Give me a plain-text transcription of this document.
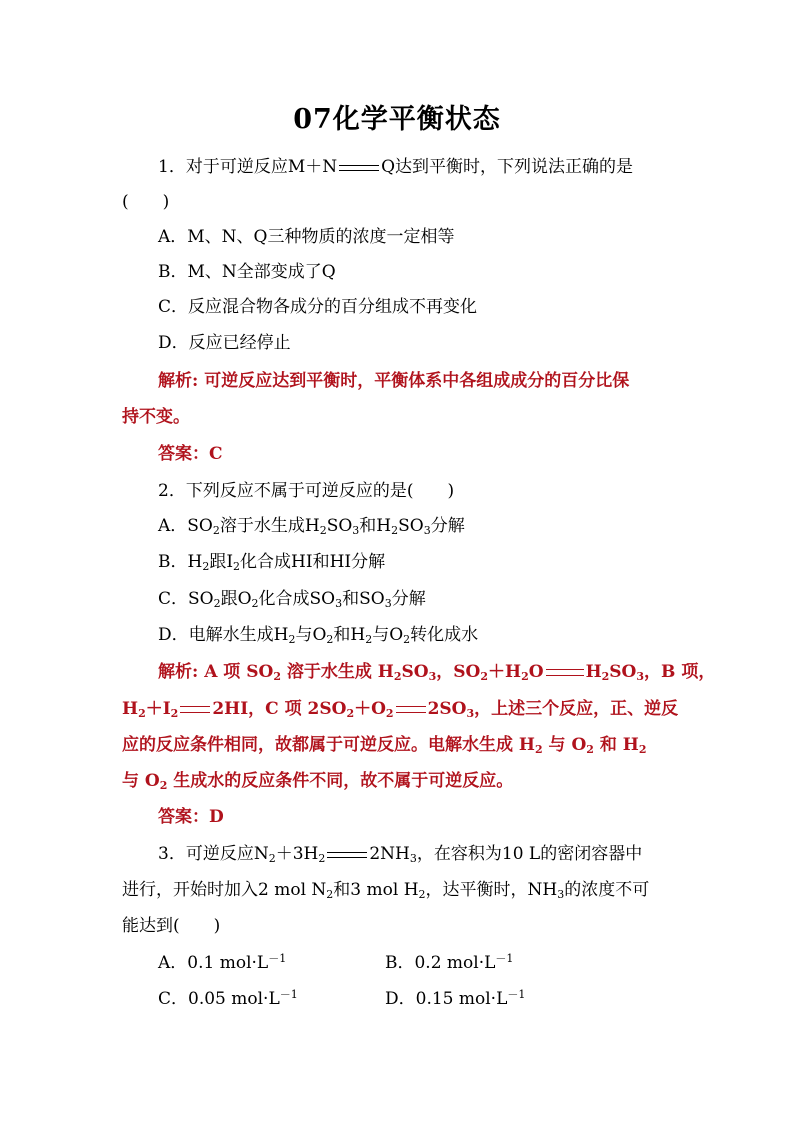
07化学平衡状态
1．对于可逆反应M＋N	Q达到平衡时，下列说法正确的是
(　　)
A．M、N、Q三种物质的浓度一定相等
B．M、N全部变成了Q
C．反应混合物各成分的百分组成不再变化
D．反应已经停止
解析: 可逆反应达到平衡时，平衡体系中各组成成分的百分比保
持不变。
答案：C
2．下列反应不属于可逆反应的是(　　)
A．$SO_2$溶于水生成$H_2SO_3$和$H_2SO_3$分解
B．$H_2$跟$I_2$化合成HI和HI分解
C．$SO_2$跟$O_2$化合成$SO_3$和$SO_3$分解
D．电解水生成$H_2$与$O_2$和$H_2$与$O_2$转化成水
解析: A 项 $SO_2$ 溶于水生成 $H_2SO_3$，$SO_2+H_2O$ $H_2SO_3$，B 项，
$H_2+I_2$ 2HI，C 项 $2SO_2+O_2$ $2SO_3$，上述三个反应，正、逆反
应的反应条件相同，故都属于可逆反应。电解水生成 $H_2$ 与 $O_2$ 和 $H_2$
与 $O_2$ 生成水的反应条件不同，故不属于可逆反应。
答案：D
3．可逆反应$N_2+3H_2$	$2NH_3$，在容积为10 L的密闭容器中
进行，开始时加入2 mol $N_2$和3 mol $H_2$，达平衡时，$NH_3$的浓度不可
能达到(　　)
A．0.1 $mol\cdot L^{-1}$	B．0.2 $mol\cdot L^{-1}$
C．0.05 $mol\cdot L^{-1}$	D．0.15 $mol\cdot L^{-1}$
